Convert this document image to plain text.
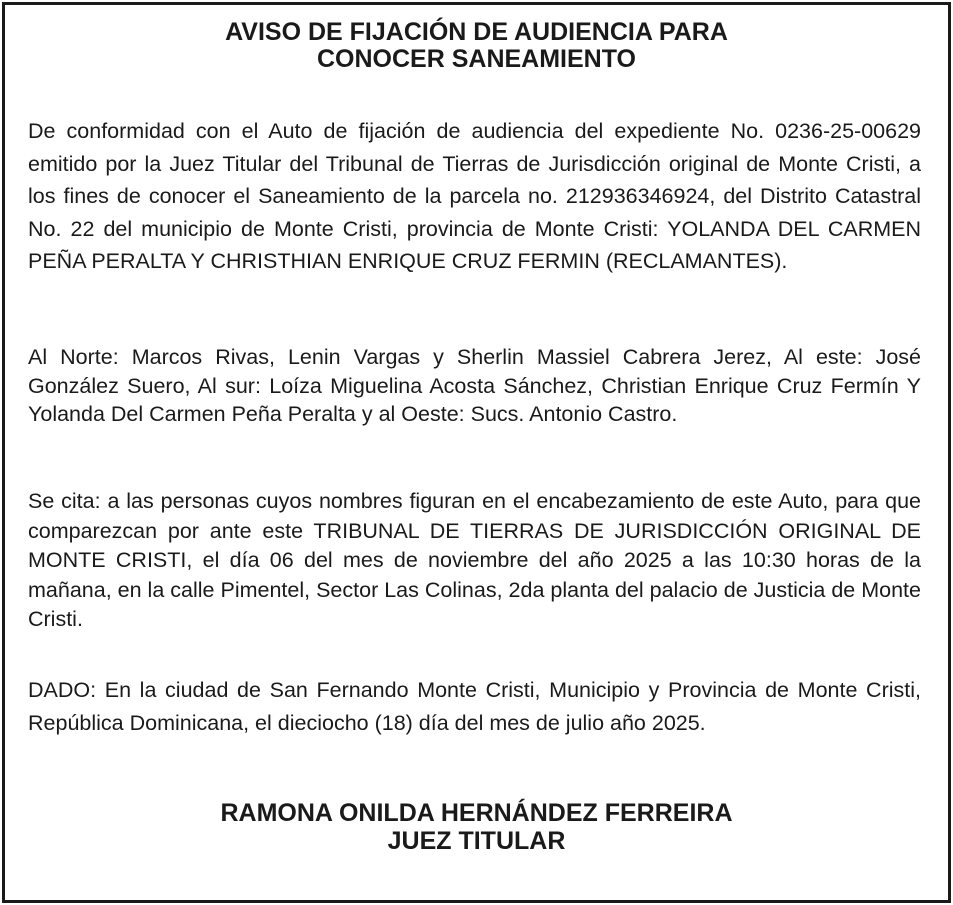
AVISO DE FIJACIÓN DE AUDIENCIA PARA
CONOCER SANEAMIENTO

De conformidad con el Auto de fijación de audiencia del expediente No. 0236-25-00629 emitido por la Juez Titular del Tribunal de Tierras de Jurisdicción original de Monte Cristi, a los fines de conocer el Saneamiento de la parcela no. 212936346924, del Distrito Catastral No. 22 del municipio de Monte Cristi, provincia de Monte Cristi: YOLANDA DEL CARMEN PEÑA PERALTA Y CHRISTHIAN ENRIQUE CRUZ FERMIN (RECLAMANTES).

Al Norte: Marcos Rivas, Lenin Vargas y Sherlin Massiel Cabrera Jerez, Al este: José González Suero, Al sur: Loíza Miguelina Acosta Sánchez, Christian Enrique Cruz Fermín Y Yolanda Del Carmen Peña Peralta y al Oeste: Sucs. Antonio Castro.

Se cita: a las personas cuyos nombres figuran en el encabezamiento de este Auto, para que comparezcan por ante este TRIBUNAL DE TIERRAS DE JURISDICCIÓN ORIGINAL DE MONTE CRISTI, el día 06 del mes de noviembre del año 2025 a las 10:30 horas de la mañana, en la calle Pimentel, Sector Las Colinas, 2da planta del palacio de Justicia de Monte Cristi.

DADO: En la ciudad de San Fernando Monte Cristi, Municipio y Provincia de Monte Cristi, República Dominicana, el dieciocho (18) día del mes de julio año 2025.

RAMONA ONILDA HERNÁNDEZ FERREIRA
JUEZ TITULAR
